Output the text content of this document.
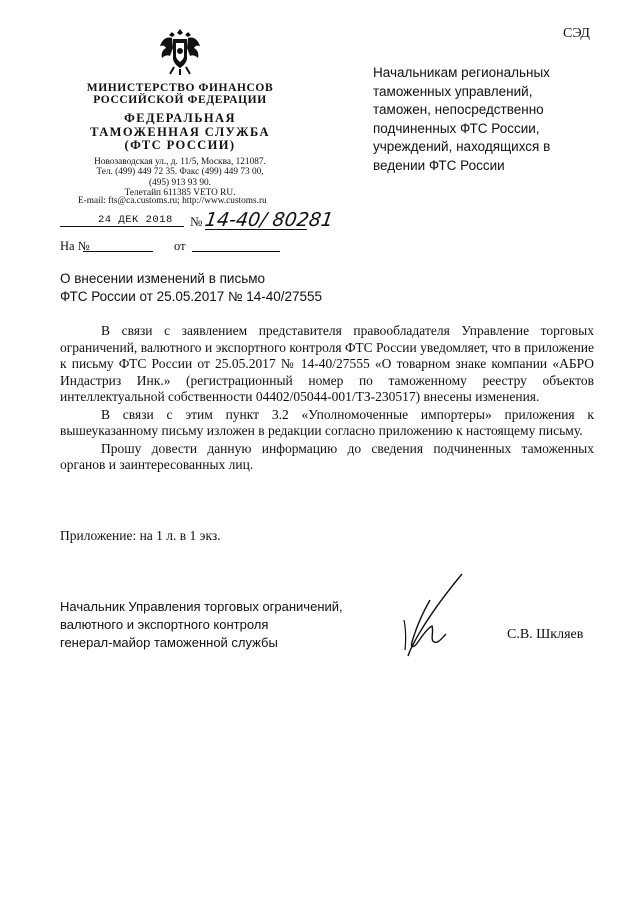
СЭД
МИНИСТЕРСТВО ФИНАНСОВ
РОССИЙСКОЙ ФЕДЕРАЦИИ
ФЕДЕРАЛЬНАЯ
ТАМОЖЕННАЯ СЛУЖБА
(ФТС РОССИИ)
Новозаводская ул., д. 11/5, Москва, 121087.
Тел. (499) 449 72 35. Факс (499) 449 73 00,
(495) 913 93 90.
Телетайп 611385 VETO RU.
E-mail: fts@ca.customs.ru; http://www.customs.ru
24 ДЕК 2018 № 14-40/ 80281
На №	от
Начальникам региональных
таможенных управлений,
таможен, непосредственно
подчиненных ФТС России,
учреждений, находящихся в
ведении ФТС России
О внесении изменений в письмо
ФТС России от 25.05.2017 № 14-40/27555

В связи с заявлением представителя правообладателя Управление торговых ограничений, валютного и экспортного контроля ФТС России уведомляет, что в приложение к письму ФТС России от 25.05.2017 № 14-40/27555 «О товарном знаке компании «АБРО Индастриз Инк.» (регистрационный номер по таможенному реестру объектов интеллектуальной собственности 04402/05044-001/ТЗ-230517) внесены изменения.

В связи с этим пункт 3.2 «Уполномоченные импортеры» приложения к вышеуказанному письму изложен в редакции согласно приложению к настоящему письму.

Прошу довести данную информацию до сведения подчиненных таможенных органов и заинтересованных лиц.

Приложение: на 1 л. в 1 экз.
Начальник Управления торговых ограничений,
валютного и экспортного контроля
генерал-майор таможенной службы
С.В. Шкляев
